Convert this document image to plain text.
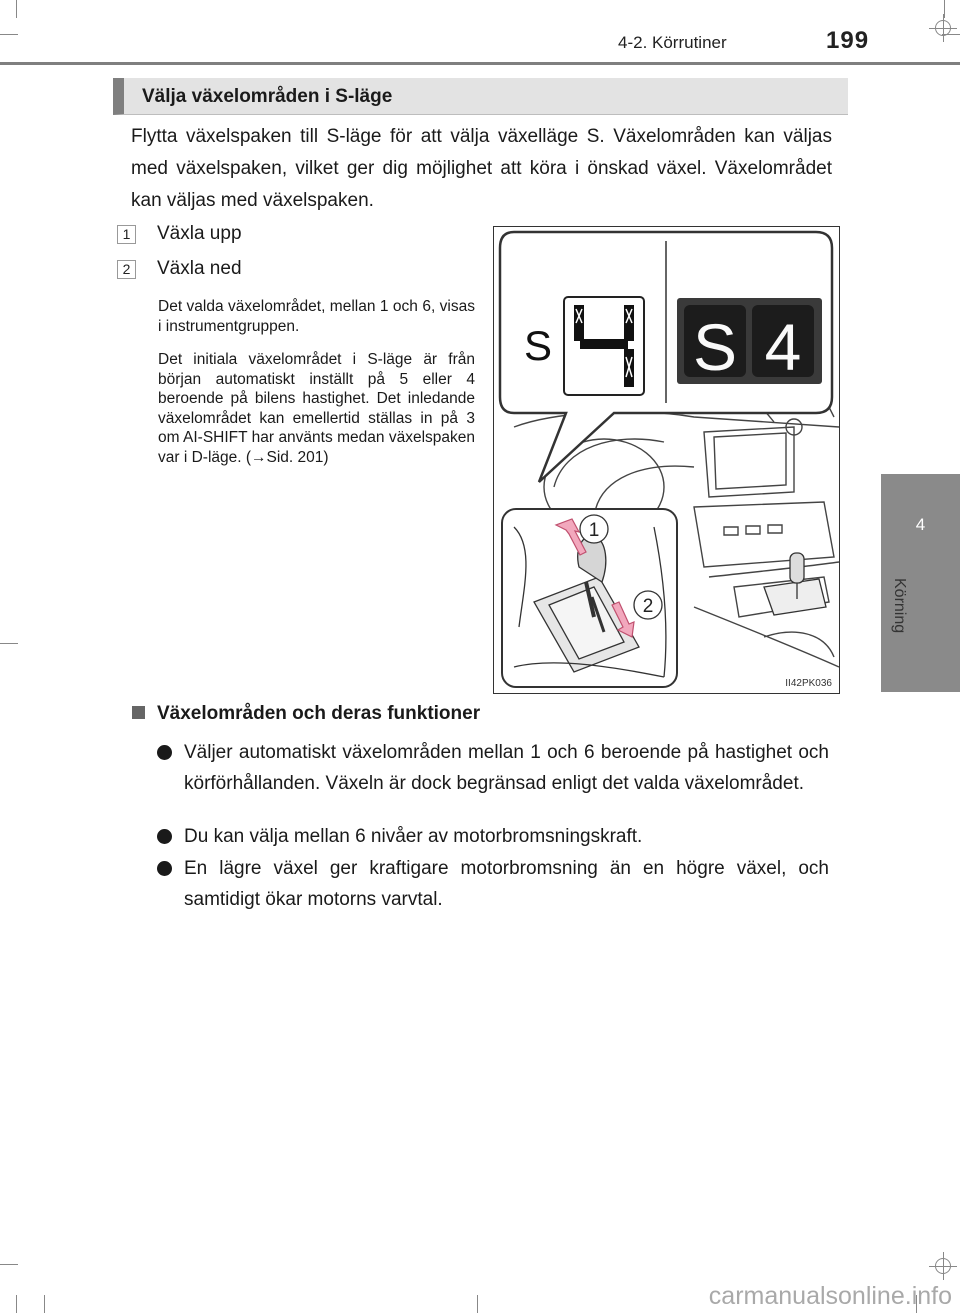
4-2. Körrutiner	199
4
Körning
Välja växelområden i S-läge
Flytta växelspaken till S-läge för att välja växelläge S. Växelområden kan väljas med växelspaken, vilket ger dig möjlighet att köra i önskad växel. Växelområdet kan väljas med växelspaken.
1 Växla upp
2 Växla ned
Det valda växelområdet, mellan 1 och 6, visas i instrumentgruppen.
Det initiala växelområdet i S-läge är från början automatiskt inställt på 5 eller 4 beroende på bilens hastighet. Det inledande växelområdet kan emellertid ställas in på 3 om AI-SHIFT har använts medan växelspaken var i D-läge. (→Sid. 201)
1
2
S S 4
II42PK036
Växelområden och deras funktioner
Väljer automatiskt växelområden mellan 1 och 6 beroende på hastighet och körförhållanden. Växeln är dock begränsad enligt det valda växelområdet.
Du kan välja mellan 6 nivåer av motorbromsningskraft.
En lägre växel ger kraftigare motorbromsning än en högre växel, och samtidigt ökar motorns varvtal.
carmanualsonline.info
